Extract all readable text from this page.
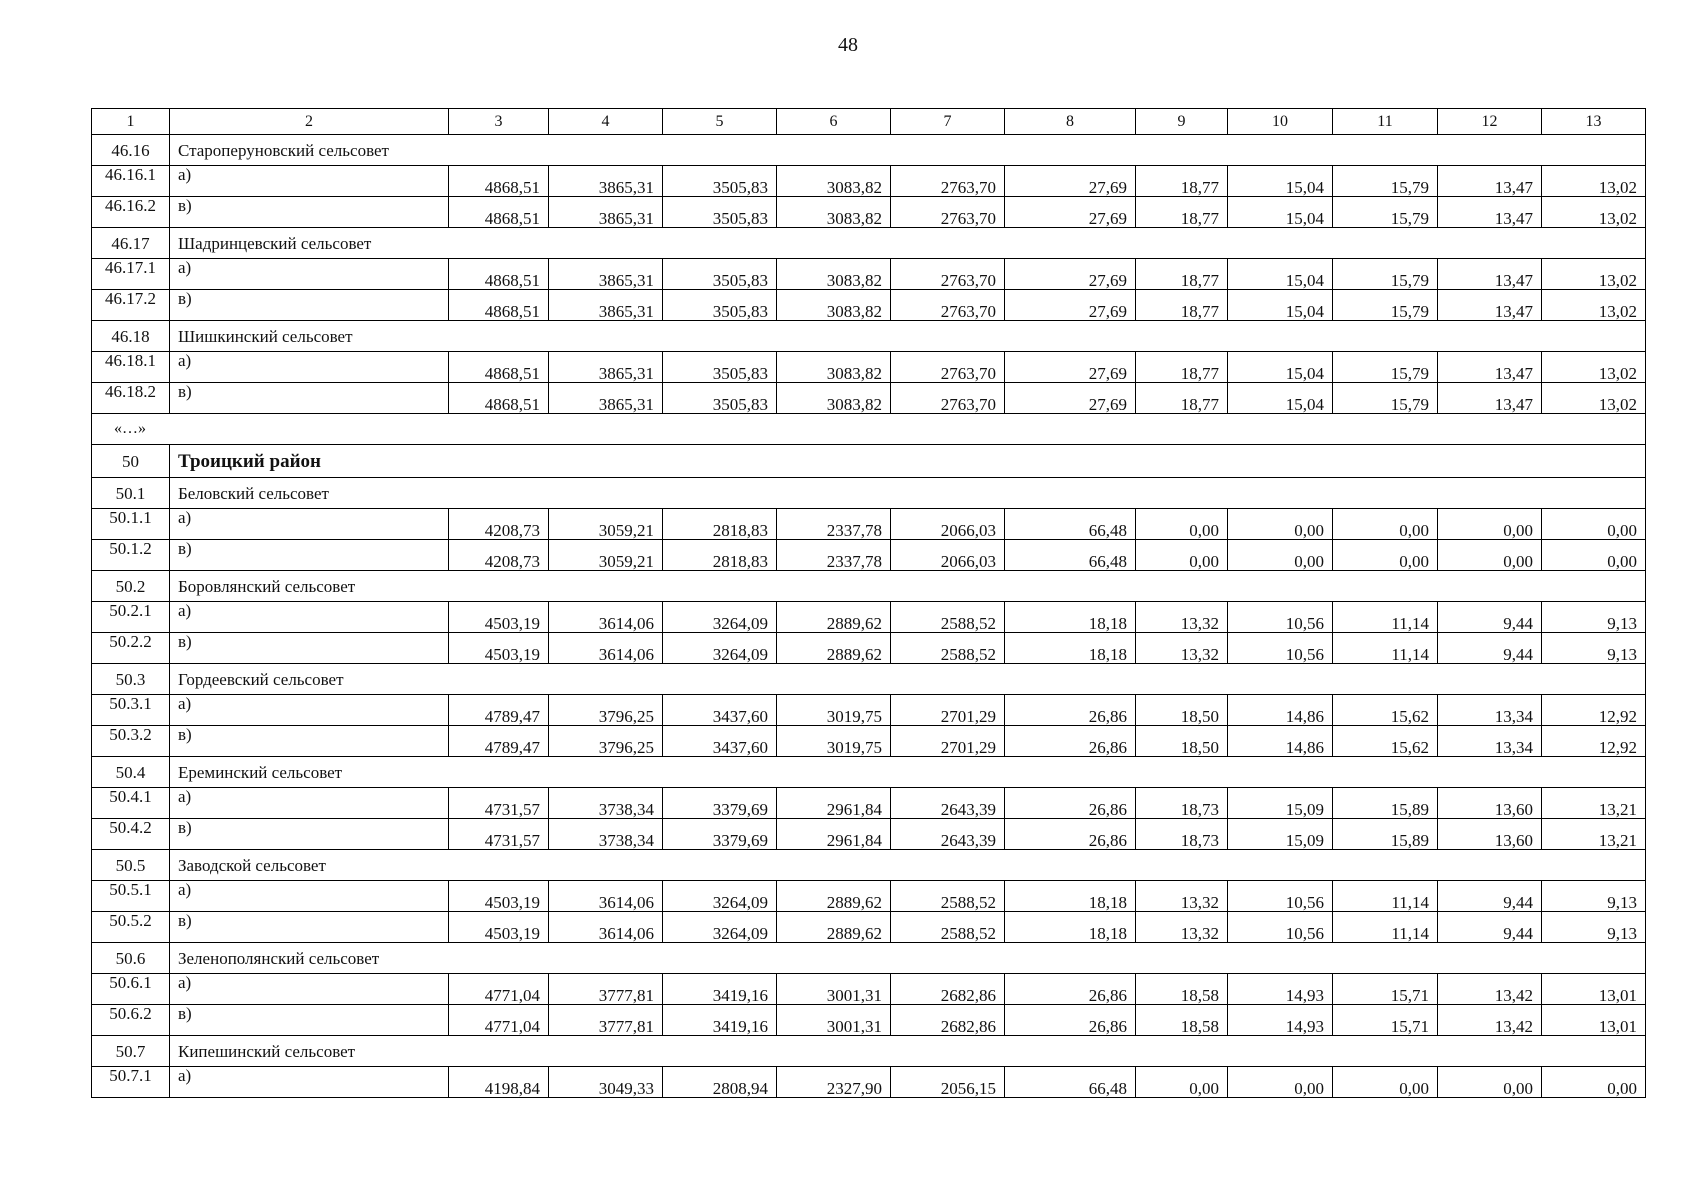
48
1	2	3	4	5	6	7	8	9	10	11	12	13
46.16	Староперуновский сельсовет											
46.16.1	а)	4868,51	3865,31	3505,83	3083,82	2763,70	27,69	18,77	15,04	15,79	13,47	13,02
46.16.2	в)	4868,51	3865,31	3505,83	3083,82	2763,70	27,69	18,77	15,04	15,79	13,47	13,02
46.17	Шадринцевский сельсовет											
46.17.1	а)	4868,51	3865,31	3505,83	3083,82	2763,70	27,69	18,77	15,04	15,79	13,47	13,02
46.17.2	в)	4868,51	3865,31	3505,83	3083,82	2763,70	27,69	18,77	15,04	15,79	13,47	13,02
46.18	Шишкинский сельсовет											
46.18.1	а)	4868,51	3865,31	3505,83	3083,82	2763,70	27,69	18,77	15,04	15,79	13,47	13,02
46.18.2	в)	4868,51	3865,31	3505,83	3083,82	2763,70	27,69	18,77	15,04	15,79	13,47	13,02
«…»												
50	Троицкий район											
50.1	Беловский сельсовет											
50.1.1	а)	4208,73	3059,21	2818,83	2337,78	2066,03	66,48	0,00	0,00	0,00	0,00	0,00
50.1.2	в)	4208,73	3059,21	2818,83	2337,78	2066,03	66,48	0,00	0,00	0,00	0,00	0,00
50.2	Боровлянский сельсовет											
50.2.1	а)	4503,19	3614,06	3264,09	2889,62	2588,52	18,18	13,32	10,56	11,14	9,44	9,13
50.2.2	в)	4503,19	3614,06	3264,09	2889,62	2588,52	18,18	13,32	10,56	11,14	9,44	9,13
50.3	Гордеевский сельсовет											
50.3.1	а)	4789,47	3796,25	3437,60	3019,75	2701,29	26,86	18,50	14,86	15,62	13,34	12,92
50.3.2	в)	4789,47	3796,25	3437,60	3019,75	2701,29	26,86	18,50	14,86	15,62	13,34	12,92
50.4	Ереминский сельсовет											
50.4.1	а)	4731,57	3738,34	3379,69	2961,84	2643,39	26,86	18,73	15,09	15,89	13,60	13,21
50.4.2	в)	4731,57	3738,34	3379,69	2961,84	2643,39	26,86	18,73	15,09	15,89	13,60	13,21
50.5	Заводской сельсовет											
50.5.1	а)	4503,19	3614,06	3264,09	2889,62	2588,52	18,18	13,32	10,56	11,14	9,44	9,13
50.5.2	в)	4503,19	3614,06	3264,09	2889,62	2588,52	18,18	13,32	10,56	11,14	9,44	9,13
50.6	Зеленополянский сельсовет											
50.6.1	а)	4771,04	3777,81	3419,16	3001,31	2682,86	26,86	18,58	14,93	15,71	13,42	13,01
50.6.2	в)	4771,04	3777,81	3419,16	3001,31	2682,86	26,86	18,58	14,93	15,71	13,42	13,01
50.7	Кипешинский сельсовет											
50.7.1	а)	4198,84	3049,33	2808,94	2327,90	2056,15	66,48	0,00	0,00	0,00	0,00	0,00
